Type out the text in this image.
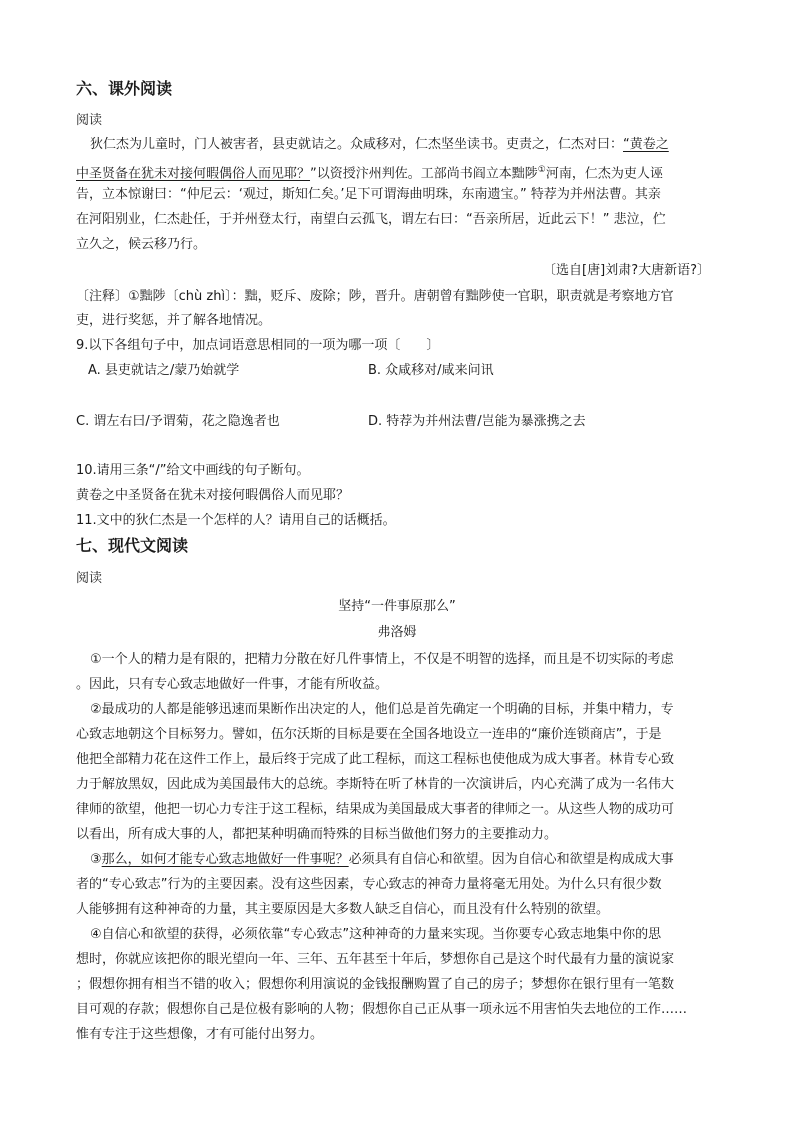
六、课外阅读
阅读
狄仁杰为儿童时，门人被害者，县吏就诘之。众咸移对，仁杰坚坐读书。吏责之，仁杰对曰：“黄卷之
中圣贤备在犹未对接何暇偶俗人而见耶？”以资授汴州判佐。工部尚书阎立本黜陟①河南，仁杰为吏人诬
告，立本惊谢曰：“仲尼云：‘观过，斯知仁矣。’足下可谓海曲明珠，东南遗宝。” 特荐为并州法曹。其亲
在河阳别业，仁杰赴任，于并州登太行，南望白云孤飞，谓左右曰：“吾亲所居，近此云下！” 悲泣，伫
立久之，候云移乃行。
〔选自[唐]刘肃?大唐新语?〕
〔注释〕①黜陟〔chù zhì〕：黜，贬斥、废除；陟，晋升。唐朝曾有黜陟使一官职，职责就是考察地方官
吏，进行奖惩，并了解各地情况。
9.以下各组句子中，加点词语意思相同的一项为哪一项〔　　〕
A. 县吏就诘之/蒙乃始就学	B. 众咸移对/咸来问讯
C. 谓左右曰/予谓菊，花之隐逸者也	D. 特荐为并州法曹/岂能为暴涨携之去
10.请用三条“/”给文中画线的句子断句。
黄卷之中圣贤备在犹未对接何暇偶俗人而见耶？
11.文中的狄仁杰是一个怎样的人？请用自己的话概括。
七、现代文阅读
阅读
坚持“一件事原那么”
弗洛姆
①一个人的精力是有限的，把精力分散在好几件事情上，不仅是不明智的选择，而且是不切实际的考虑
。因此，只有专心致志地做好一件事，才能有所收益。
②最成功的人都是能够迅速而果断作出决定的人，他们总是首先确定一个明确的目标，并集中精力，专
心致志地朝这个目标努力。譬如，伍尔沃斯的目标是要在全国各地设立一连串的“廉价连锁商店”，于是
他把全部精力花在这件工作上，最后终于完成了此工程标，而这工程标也使他成为成大事者。林肯专心致
力于解放黑奴，因此成为美国最伟大的总统。李斯特在听了林肯的一次演讲后，内心充满了成为一名伟大
律师的欲望，他把一切心力专注于这工程标，结果成为美国最成大事者的律师之一。从这些人物的成功可
以看出，所有成大事的人，都把某种明确而特殊的目标当做他们努力的主要推动力。
③那么，如何才能专心致志地做好一件事呢？必须具有自信心和欲望。因为自信心和欲望是构成成大事
者的“专心致志”行为的主要因素。没有这些因素，专心致志的神奇力量将毫无用处。为什么只有很少数
人能够拥有这种神奇的力量，其主要原因是大多数人缺乏自信心，而且没有什么特别的欲望。
④自信心和欲望的获得，必须依靠“专心致志”这种神奇的力量来实现。当你要专心致志地集中你的思
想时，你就应该把你的眼光望向一年、三年、五年甚至十年后，梦想你自己是这个时代最有力量的演说家
；假想你拥有相当不错的收入；假想你利用演说的金钱报酬购置了自己的房子；梦想你在银行里有一笔数
目可观的存款；假想你自己是位极有影响的人物；假想你自己正从事一项永远不用害怕失去地位的工作……
惟有专注于这些想像，才有可能付出努力。
